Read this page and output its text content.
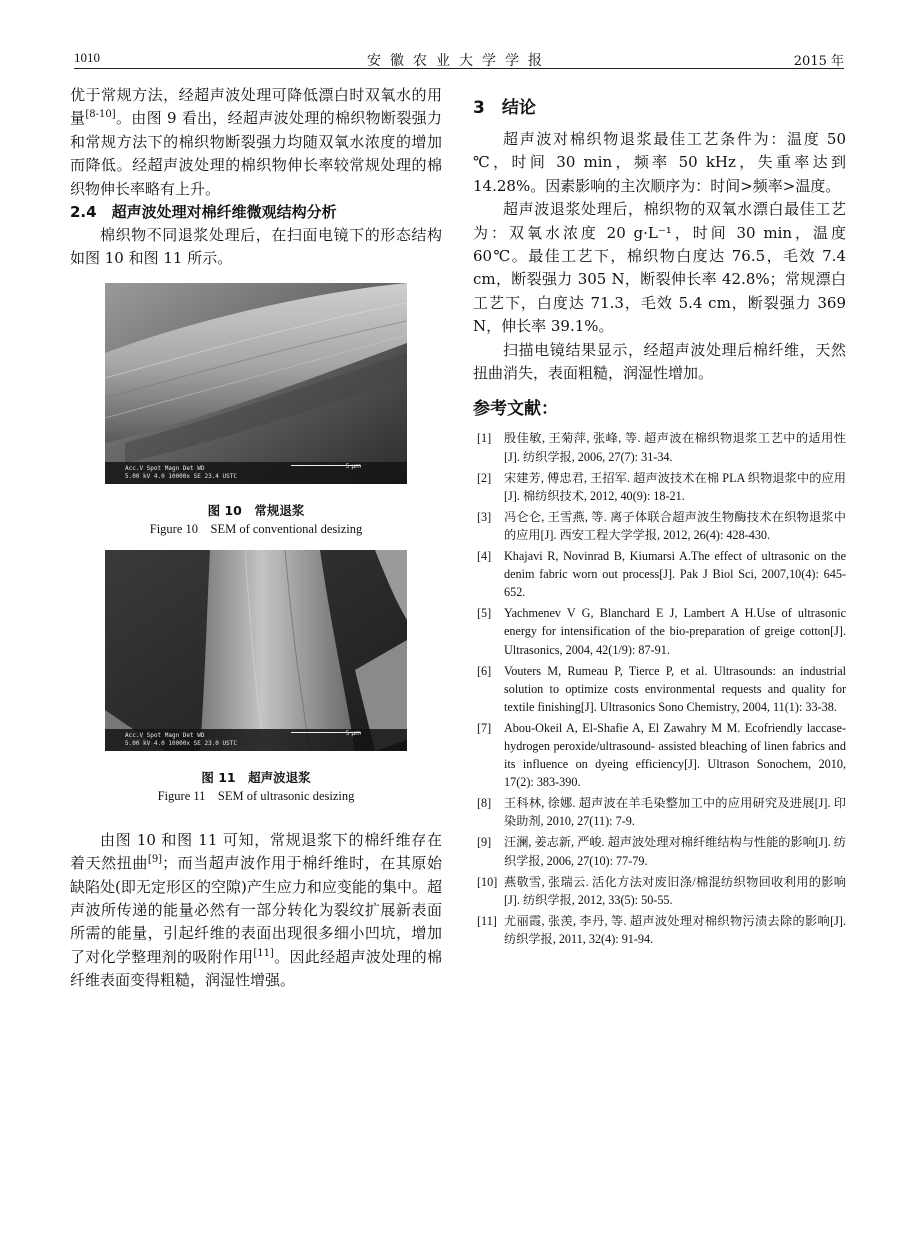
1010	安徽农业大学学报	2015 年

优于常规方法，经超声波处理可降低漂白时双氧水的用量[8-10]。由图 9 看出，经超声波处理的棉织物断裂强力和常规方法下的棉织物断裂强力均随双氧水浓度的增加而降低。经超声波处理的棉织物伸长率较常规处理的棉织物伸长率略有上升。

2.4　超声波处理对棉纤维微观结构分析

棉织物不同退浆处理后，在扫面电镜下的形态结构如图 10 和图 11 所示。

Acc.V Spot Magn Det WD
5.00 kV 4.0 10000x SE 23.4 USTC
5 μm
图 10　常规退浆
Figure 10　SEM of conventional desizing
Acc.V Spot Magn Det WD
5.00 kV 4.0 10000x SE 23.0 USTC
5 μm
图 11　超声波退浆
Figure 11　SEM of ultrasonic desizing

由图 10 和图 11 可知，常规退浆下的棉纤维存在着天然扭曲[9]；而当超声波作用于棉纤维时，在其原始缺陷处(即无定形区的空隙)产生应力和应变能的集中。超声波所传递的能量必然有一部分转化为裂纹扩展新表面所需的能量，引起纤维的表面出现很多细小凹坑，增加了对化学整理剂的吸附作用[11]。因此经超声波处理的棉纤维表面变得粗糙，润湿性增强。

3　结论

超声波对棉织物退浆最佳工艺条件为：温度 50 ℃，时间 30 min，频率 50 kHz，失重率达到 14.28%。因素影响的主次顺序为：时间>频率>温度。

超声波退浆处理后，棉织物的双氧水漂白最佳工艺为：双氧水浓度 20 g·L⁻¹，时间 30 min，温度 60℃。最佳工艺下，棉织物白度达 76.5，毛效 7.4 cm，断裂强力 305 N，断裂伸长率 42.8%；常规漂白工艺下，白度达 71.3，毛效 5.4 cm，断裂强力 369 N，伸长率 39.1%。

扫描电镜结果显示，经超声波处理后棉纤维，天然扭曲消失，表面粗糙，润湿性增加。

参考文献：
[1] 殷佳敏, 王菊萍, 张峰, 等. 超声波在棉织物退浆工艺中的适用性[J]. 纺织学报, 2006, 27(7): 31-34.
[2] 宋建芳, 傅忠君, 王招军. 超声波技术在棉 PLA 织物退浆中的应用[J]. 棉纺织技术, 2012, 40(9): 18-21.
[3] 冯仑仑, 王雪燕, 等. 离子体联合超声波生物酶技术在织物退浆中的应用[J]. 西安工程大学学报, 2012, 26(4): 428-430.
[4] Khajavi R, Novinrad B, Kiumarsi A.The effect of ultrasonic on the denim fabric worn out process[J]. Pak J Biol Sci, 2007,10(4): 645-652.
[5] Yachmenev V G, Blanchard E J, Lambert A H.Use of ultrasonic energy for intensification of the bio-preparation of greige cotton[J]. Ultrasonics, 2004, 42(1/9): 87-91.
[6] Vouters M, Rumeau P, Tierce P, et al. Ultrasounds: an industrial solution to optimize costs environmental requests and quality for textile finishing[J]. Ultrasonics Sono Chemistry, 2004, 11(1): 33-38.
[7] Abou-Okeil A, El-Shafie A, El Zawahry M M. Ecofriendly laccase-hydrogen peroxide/ultrasound- assisted bleaching of linen fabrics and its influence on dyeing efficiency[J]. Ultrason Sonochem, 2010, 17(2): 383-390.
[8] 王科林, 徐娜. 超声波在羊毛染整加工中的应用研究及进展[J]. 印染助剂, 2010, 27(11): 7-9.
[9] 汪澜, 姜志新, 严峻. 超声波处理对棉纤维结构与性能的影响[J]. 纺织学报, 2006, 27(10): 77-79.
[10] 燕敬雪, 张瑞云. 活化方法对废旧涤/棉混纺织物回收利用的影响[J]. 纺织学报, 2012, 33(5): 50-55.
[11] 尤丽霞, 张羡, 李丹, 等. 超声波处理对棉织物污渍去除的影响[J]. 纺织学报, 2011, 32(4): 91-94.
